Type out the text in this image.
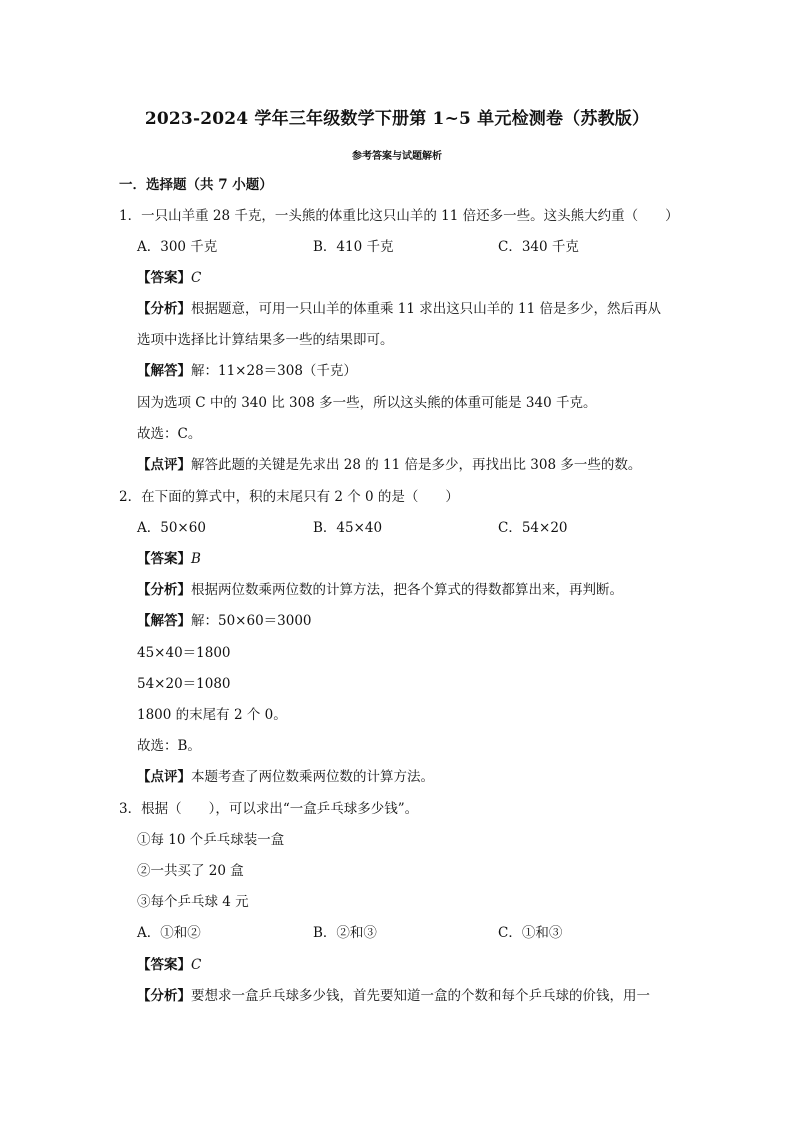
2023-2024 学年三年级数学下册第 1~5 单元检测卷（苏教版）
参考答案与试题解析
一．选择题（共 7 小题）
1．一只山羊重 28 千克，一头熊的体重比这只山羊的 11 倍还多一些。这头熊大约重（　　）
A．300 千克	B．410 千克	C．340 千克
【答案】C
【分析】根据题意，可用一只山羊的体重乘 11 求出这只山羊的 11 倍是多少，然后再从
选项中选择比计算结果多一些的结果即可。
【解答】解：11×28＝308（千克）
因为选项 C 中的 340 比 308 多一些，所以这头熊的体重可能是 340 千克。
故选：C。
【点评】解答此题的关键是先求出 28 的 11 倍是多少，再找出比 308 多一些的数。
2．在下面的算式中，积的末尾只有 2 个 0 的是（　　）
A．50×60	B．45×40	C．54×20
【答案】B
【分析】根据两位数乘两位数的计算方法，把各个算式的得数都算出来，再判断。
【解答】解：50×60＝3000
45×40＝1800
54×20＝1080
1800 的末尾有 2 个 0。
故选：B。
【点评】本题考查了两位数乘两位数的计算方法。
3．根据（　　），可以求出“一盒乒乓球多少钱”。
①每 10 个乒乓球装一盒
②一共买了 20 盒
③每个乒乓球 4 元
A．①和②	B．②和③	C．①和③
【答案】C
【分析】要想求一盒乒乓球多少钱，首先要知道一盒的个数和每个乒乓球的价钱，用一
